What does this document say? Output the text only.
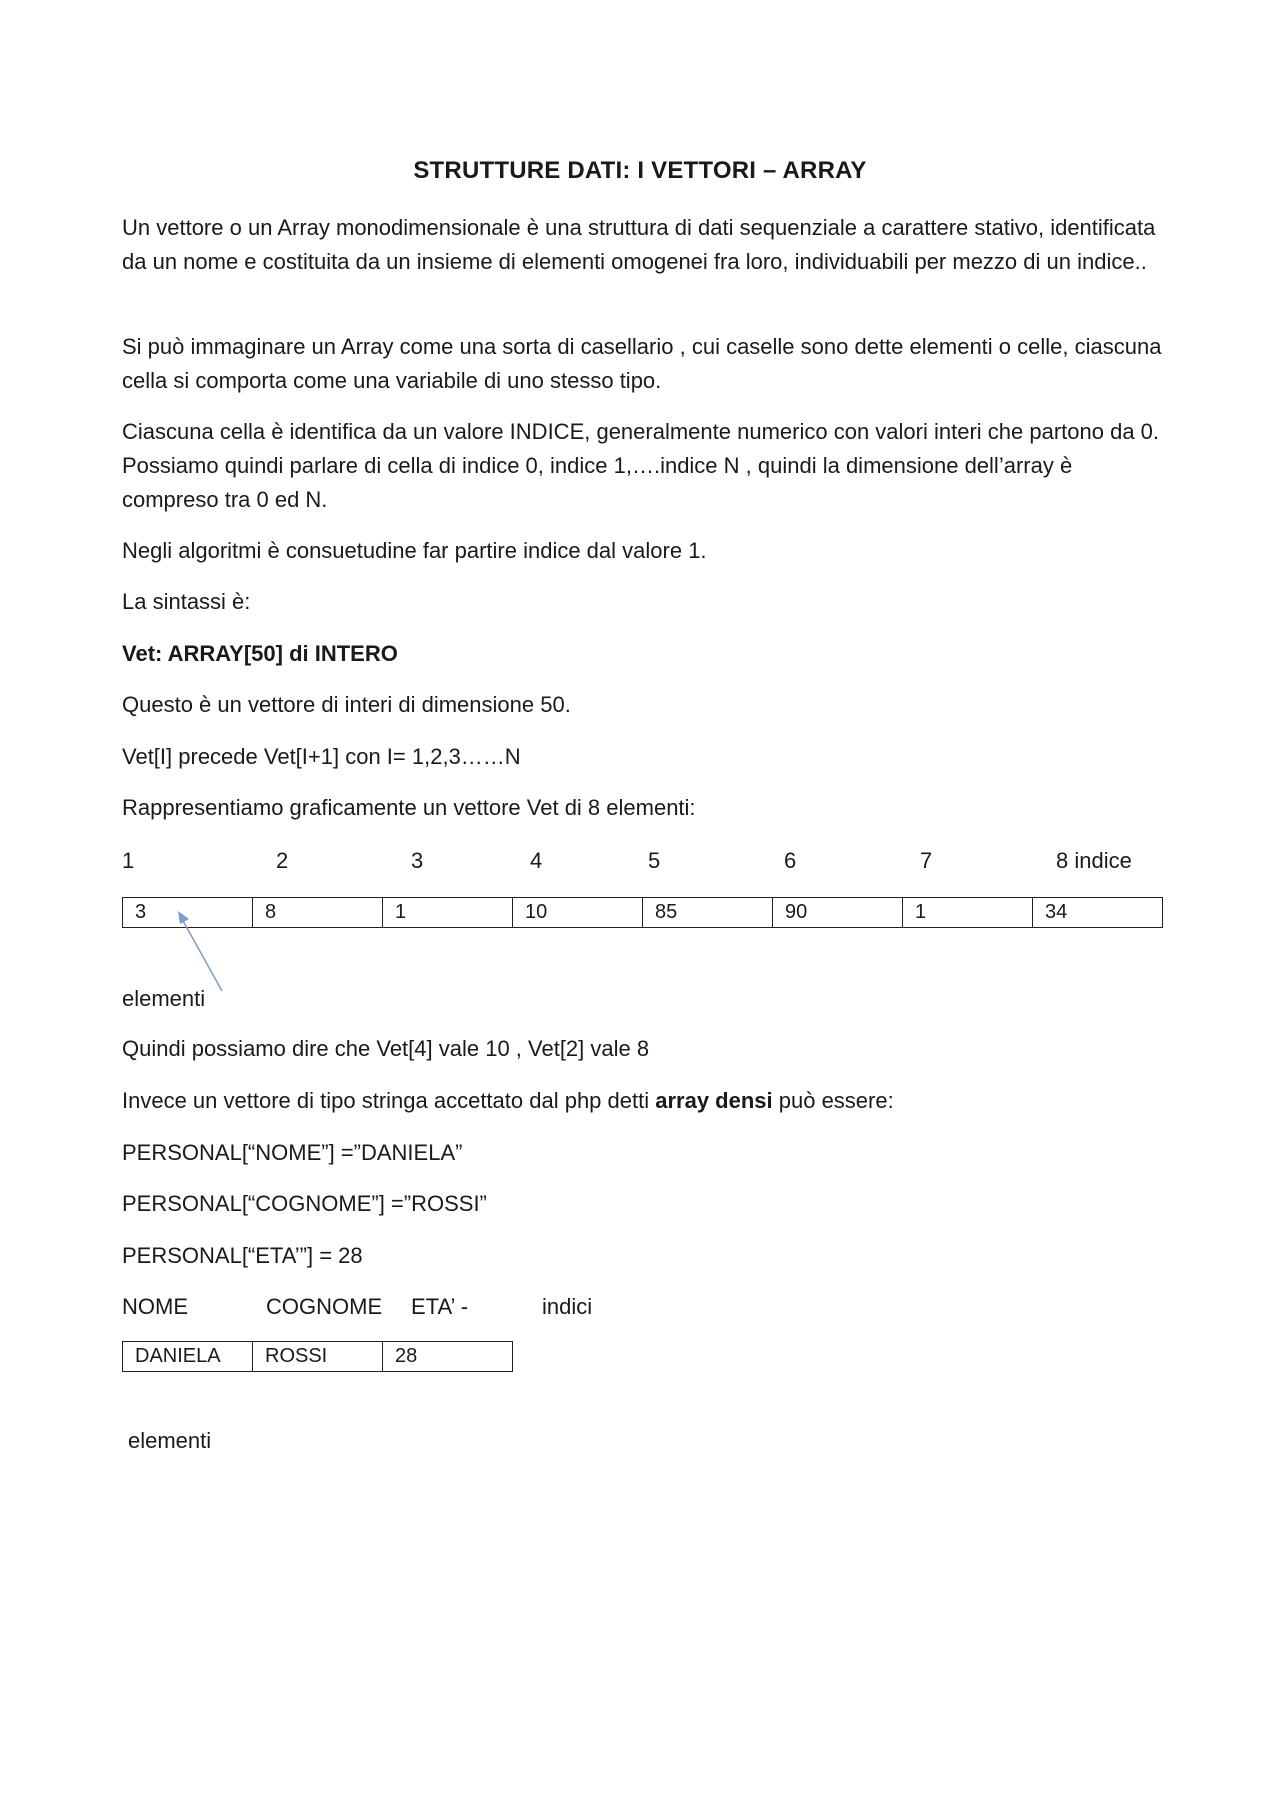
STRUTTURE DATI: I VETTORI – ARRAY
Un vettore o un Array monodimensionale è una struttura di dati sequenziale a carattere stativo, identificata da un nome e costituita da un insieme di elementi omogenei fra loro, individuabili per mezzo di un indice..
Si può immaginare un Array come una sorta di casellario , cui caselle sono dette elementi o celle, ciascuna cella si comporta come una variabile di uno stesso tipo.
Ciascuna cella è identifica da un valore INDICE, generalmente numerico con valori interi che partono da 0. Possiamo quindi parlare di cella di indice 0, indice 1,….indice N , quindi la dimensione dell’array è compreso tra 0 ed N.
Negli algoritmi è consuetudine far partire indice dal valore 1.
La sintassi è:
Vet: ARRAY[50] di INTERO
Questo è un vettore di interi di dimensione 50.
Vet[I] precede Vet[I+1] con I= 1,2,3……N
Rappresentiamo graficamente un vettore Vet di 8 elementi:
1	2	3	4	5	6	7	8 indice
3	8	1	10	85	90	1	34
elementi
Quindi possiamo dire che Vet[4] vale 10 , Vet[2] vale 8
Invece un vettore di tipo stringa accettato dal php detti array densi può essere:
PERSONAL[“NOME”] =”DANIELA”
PERSONAL[“COGNOME”] =”ROSSI”
PERSONAL[“ETA’”] = 28
NOME	COGNOME ETA’ -	indici
DANIELA	ROSSI	28
elementi
